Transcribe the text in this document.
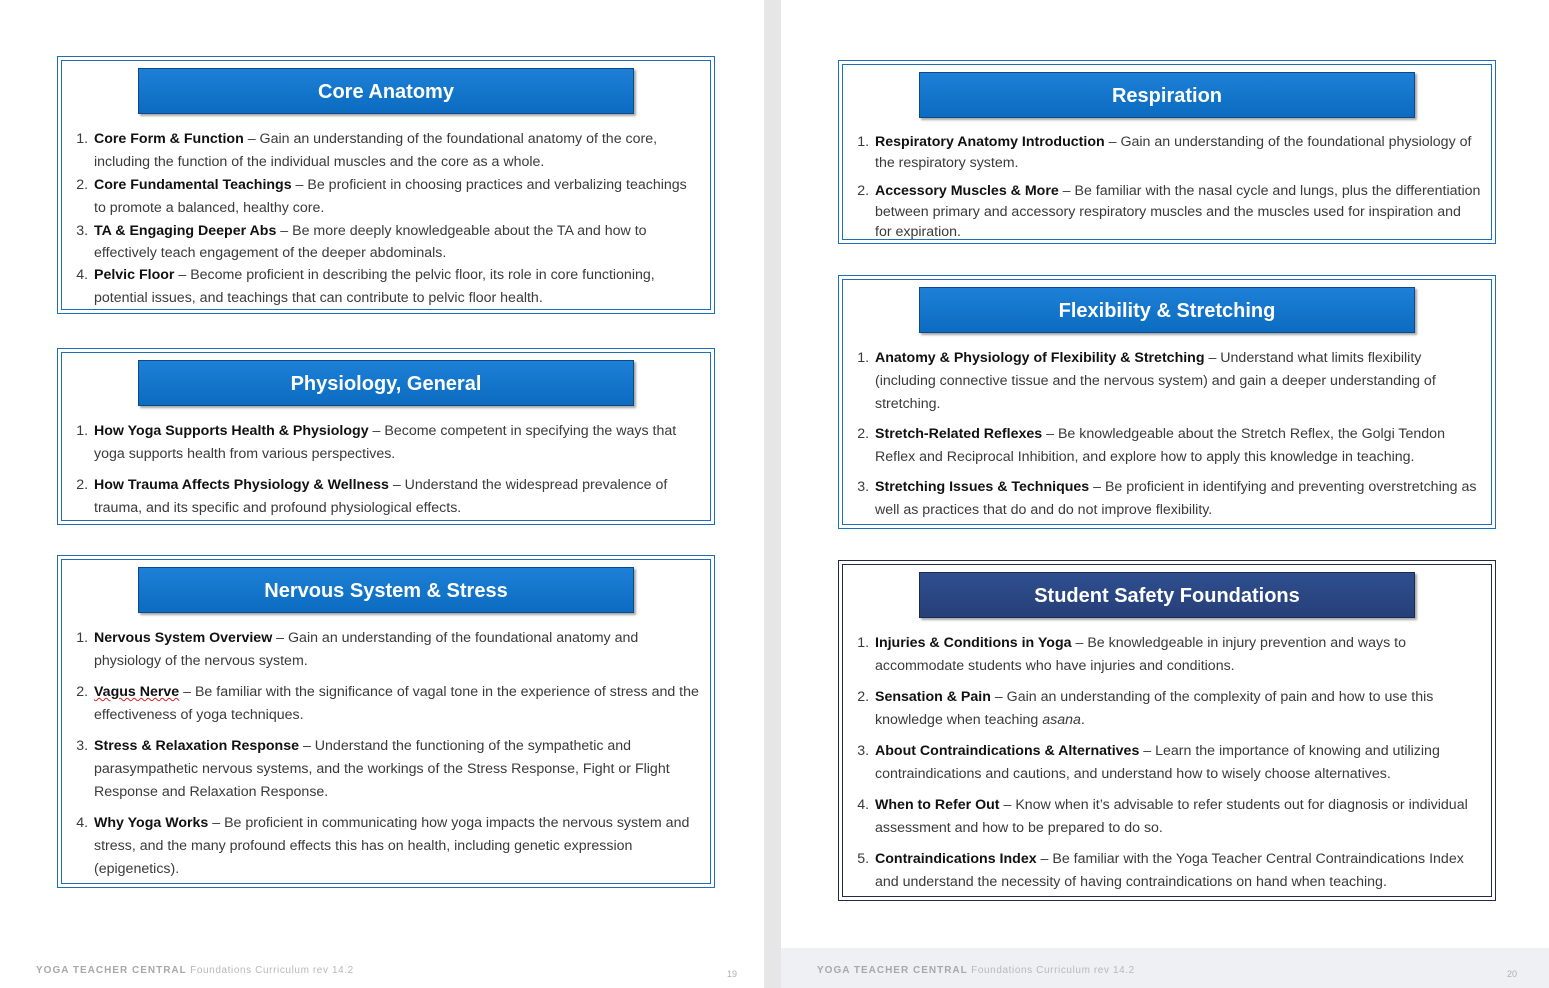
Core Anatomy
1. Core Form & Function – Gain an understanding of the foundational anatomy of the core, including the function of the individual muscles and the core as a whole.
2. Core Fundamental Teachings – Be proficient in choosing practices and verbalizing teachings to promote a balanced, healthy core.
3. TA & Engaging Deeper Abs – Be more deeply knowledgeable about the TA and how to effectively teach engagement of the deeper abdominals.
4. Pelvic Floor – Become proficient in describing the pelvic floor, its role in core functioning, potential issues, and teachings that can contribute to pelvic floor health.
Physiology, General
1. How Yoga Supports Health & Physiology – Become competent in specifying the ways that yoga supports health from various perspectives.
2. How Trauma Affects Physiology & Wellness – Understand the widespread prevalence of trauma, and its specific and profound physiological effects.
Nervous System & Stress
1. Nervous System Overview – Gain an understanding of the foundational anatomy and physiology of the nervous system.
2. Vagus Nerve – Be familiar with the significance of vagal tone in the experience of stress and the effectiveness of yoga techniques.
3. Stress & Relaxation Response – Understand the functioning of the sympathetic and parasympathetic nervous systems, and the workings of the Stress Response, Fight or Flight Response and Relaxation Response.
4. Why Yoga Works – Be proficient in communicating how yoga impacts the nervous system and stress, and the many profound effects this has on health, including genetic expression (epigenetics).
YOGA TEACHER CENTRAL Foundations Curriculum rev 14.2	19
Respiration
1. Respiratory Anatomy Introduction – Gain an understanding of the foundational physiology of the respiratory system.
2. Accessory Muscles & More – Be familiar with the nasal cycle and lungs, plus the differentiation between primary and accessory respiratory muscles and the muscles used for inspiration and for expiration.
Flexibility & Stretching
1. Anatomy & Physiology of Flexibility & Stretching – Understand what limits flexibility (including connective tissue and the nervous system) and gain a deeper understanding of stretching.
2. Stretch-Related Reflexes – Be knowledgeable about the Stretch Reflex, the Golgi Tendon Reflex and Reciprocal Inhibition, and explore how to apply this knowledge in teaching.
3. Stretching Issues & Techniques – Be proficient in identifying and preventing overstretching as well as practices that do and do not improve flexibility.
Student Safety Foundations
1. Injuries & Conditions in Yoga – Be knowledgeable in injury prevention and ways to accommodate students who have injuries and conditions.
2. Sensation & Pain – Gain an understanding of the complexity of pain and how to use this knowledge when teaching asana.
3. About Contraindications & Alternatives – Learn the importance of knowing and utilizing contraindications and cautions, and understand how to wisely choose alternatives.
4. When to Refer Out – Know when it’s advisable to refer students out for diagnosis or individual assessment and how to be prepared to do so.
5. Contraindications Index – Be familiar with the Yoga Teacher Central Contraindications Index and understand the necessity of having contraindications on hand when teaching.
YOGA TEACHER CENTRAL Foundations Curriculum rev 14.2	20
